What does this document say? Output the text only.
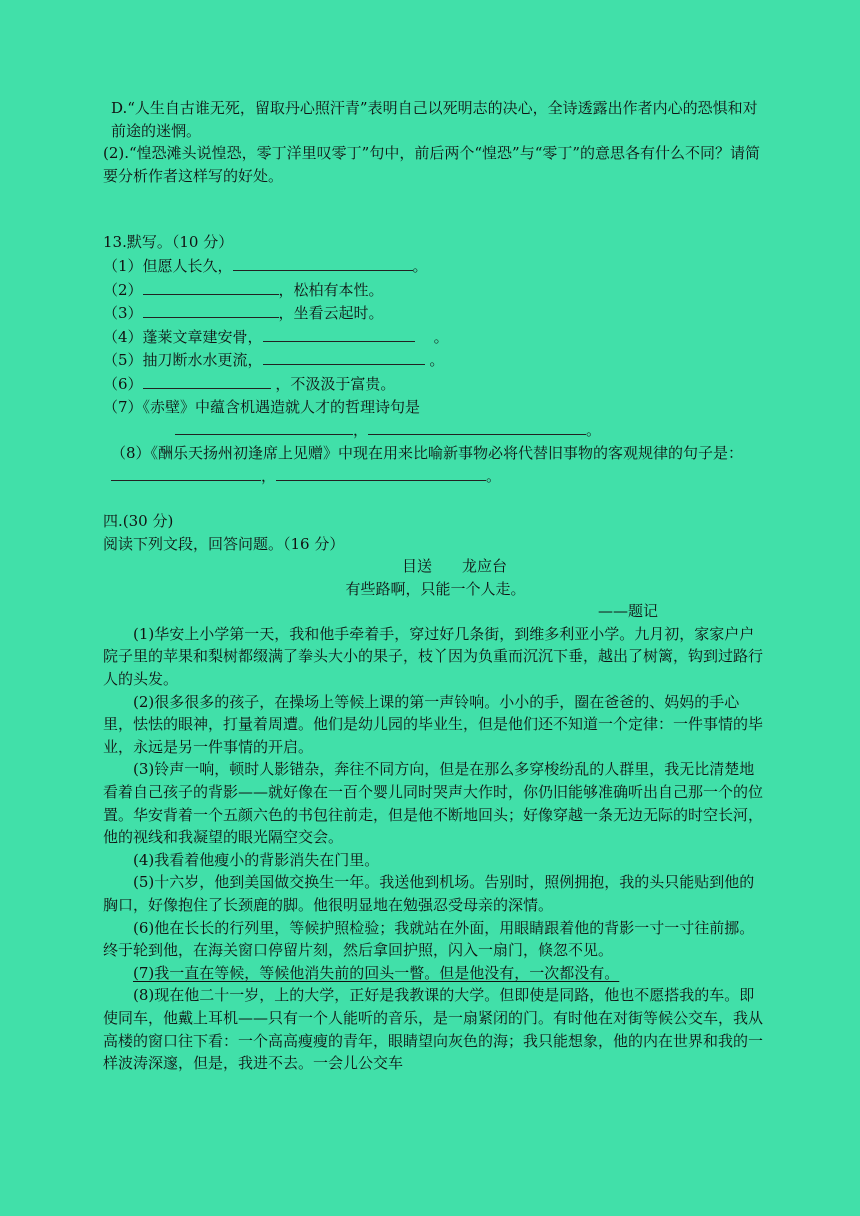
D.“人生自古谁无死，留取丹心照汗青”表明自己以死明志的决心，全诗透露出作者内心的恐惧和对前途的迷惘。

(2).“惶恐滩头说惶恐，零丁洋里叹零丁”句中，前后两个“惶恐”与“零丁”的意思各有什么不同？请简要分析作者这样写的好处。

13.默写。（10 分）

（1）但愿人长久，	。

（2）	，松柏有本性。

（3）	，坐看云起时。

（4）蓬莱文章建安骨，	。

（5）抽刀断水水更流，	。

（6）	，不汲汲于富贵。

（7）《赤壁》中蕴含机遇造就人才的哲理诗句是

，	。

（8）《酬乐天扬州初逢席上见赠》中现在用来比喻新事物必将代替旧事物的客观规律的句子是：，	。

四.(30 分)

阅读下列文段，回答问题。（16 分）

目送　　龙应台

有些路啊，只能一个人走。

——题记

(1)华安上小学第一天，我和他手牵着手，穿过好几条街，到维多利亚小学。九月初，家家户户院子里的苹果和梨树都缀满了拳头大小的果子，枝丫因为负重而沉沉下垂，越出了树篱，钩到过路行人的头发。

(2)很多很多的孩子，在操场上等候上课的第一声铃响。小小的手，圈在爸爸的、妈妈的手心里，怯怯的眼神，打量着周遭。他们是幼儿园的毕业生，但是他们还不知道一个定律：一件事情的毕业，永远是另一件事情的开启。

(3)铃声一响，顿时人影错杂，奔往不同方向，但是在那么多穿梭纷乱的人群里，我无比清楚地看着自己孩子的背影——就好像在一百个婴儿同时哭声大作时，你仍旧能够准确听出自己那一个的位置。华安背着一个五颜六色的书包往前走，但是他不断地回头；好像穿越一条无边无际的时空长河，他的视线和我凝望的眼光隔空交会。

(4)我看着他瘦小的背影消失在门里。

(5)十六岁，他到美国做交换生一年。我送他到机场。告别时，照例拥抱，我的头只能贴到他的胸口，好像抱住了长颈鹿的脚。他很明显地在勉强忍受母亲的深情。

(6)他在长长的行列里，等候护照检验；我就站在外面，用眼睛跟着他的背影一寸一寸往前挪。终于轮到他，在海关窗口停留片刻，然后拿回护照，闪入一扇门，倏忽不见。

(7)我一直在等候，等候他消失前的回头一瞥。但是他没有，一次都没有。

(8)现在他二十一岁，上的大学，正好是我教课的大学。但即使是同路，他也不愿搭我的车。即使同车，他戴上耳机——只有一个人能听的音乐，是一扇紧闭的门。有时他在对街等候公交车，我从高楼的窗口往下看：一个高高瘦瘦的青年，眼睛望向灰色的海；我只能想象，他的内在世界和我的一样波涛深邃，但是，我进不去。一会儿公交车
